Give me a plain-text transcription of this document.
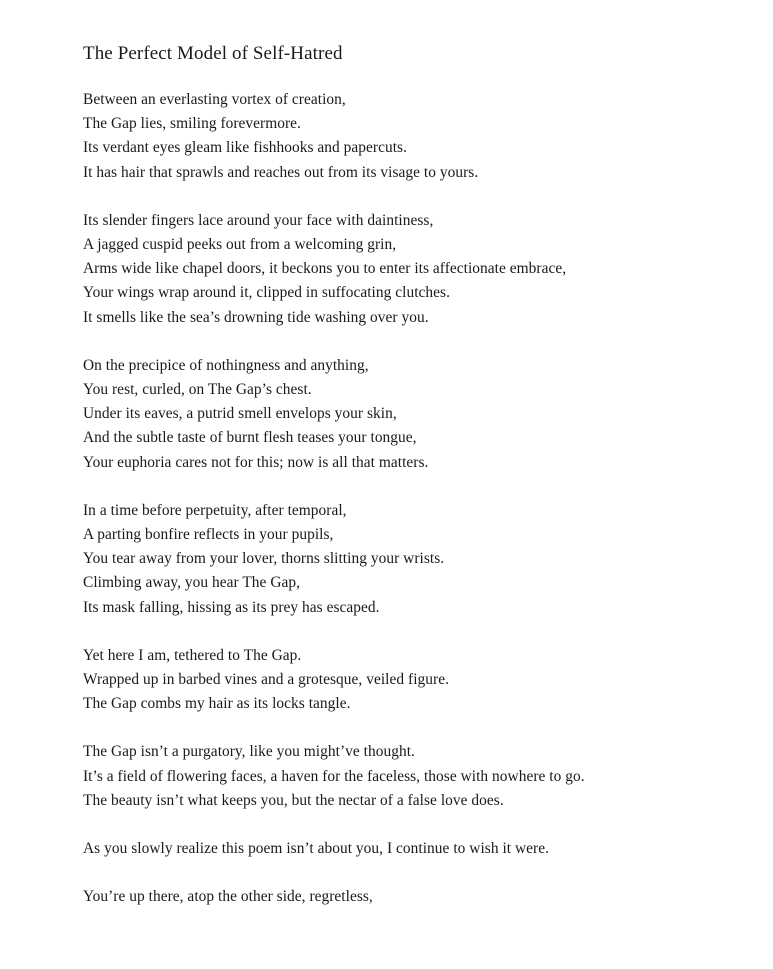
The Perfect Model of Self-Hatred
Between an everlasting vortex of creation,
The Gap lies, smiling forevermore.
Its verdant eyes gleam like fishhooks and papercuts.
It has hair that sprawls and reaches out from its visage to yours.
Its slender fingers lace around your face with daintiness,
A jagged cuspid peeks out from a welcoming grin,
Arms wide like chapel doors, it beckons you to enter its affectionate embrace,
Your wings wrap around it, clipped in suffocating clutches.
It smells like the sea’s drowning tide washing over you.
On the precipice of nothingness and anything,
You rest, curled, on The Gap’s chest.
Under its eaves, a putrid smell envelops your skin,
And the subtle taste of burnt flesh teases your tongue,
Your euphoria cares not for this; now is all that matters.
In a time before perpetuity, after temporal,
A parting bonfire reflects in your pupils,
You tear away from your lover, thorns slitting your wrists.
Climbing away, you hear The Gap,
Its mask falling, hissing as its prey has escaped.
Yet here I am, tethered to The Gap.
Wrapped up in barbed vines and a grotesque, veiled figure.
The Gap combs my hair as its locks tangle.
The Gap isn’t a purgatory, like you might’ve thought.
It’s a field of flowering faces, a haven for the faceless, those with nowhere to go.
The beauty isn’t what keeps you, but the nectar of a false love does.
As you slowly realize this poem isn’t about you, I continue to wish it were.
You’re up there, atop the other side, regretless,
